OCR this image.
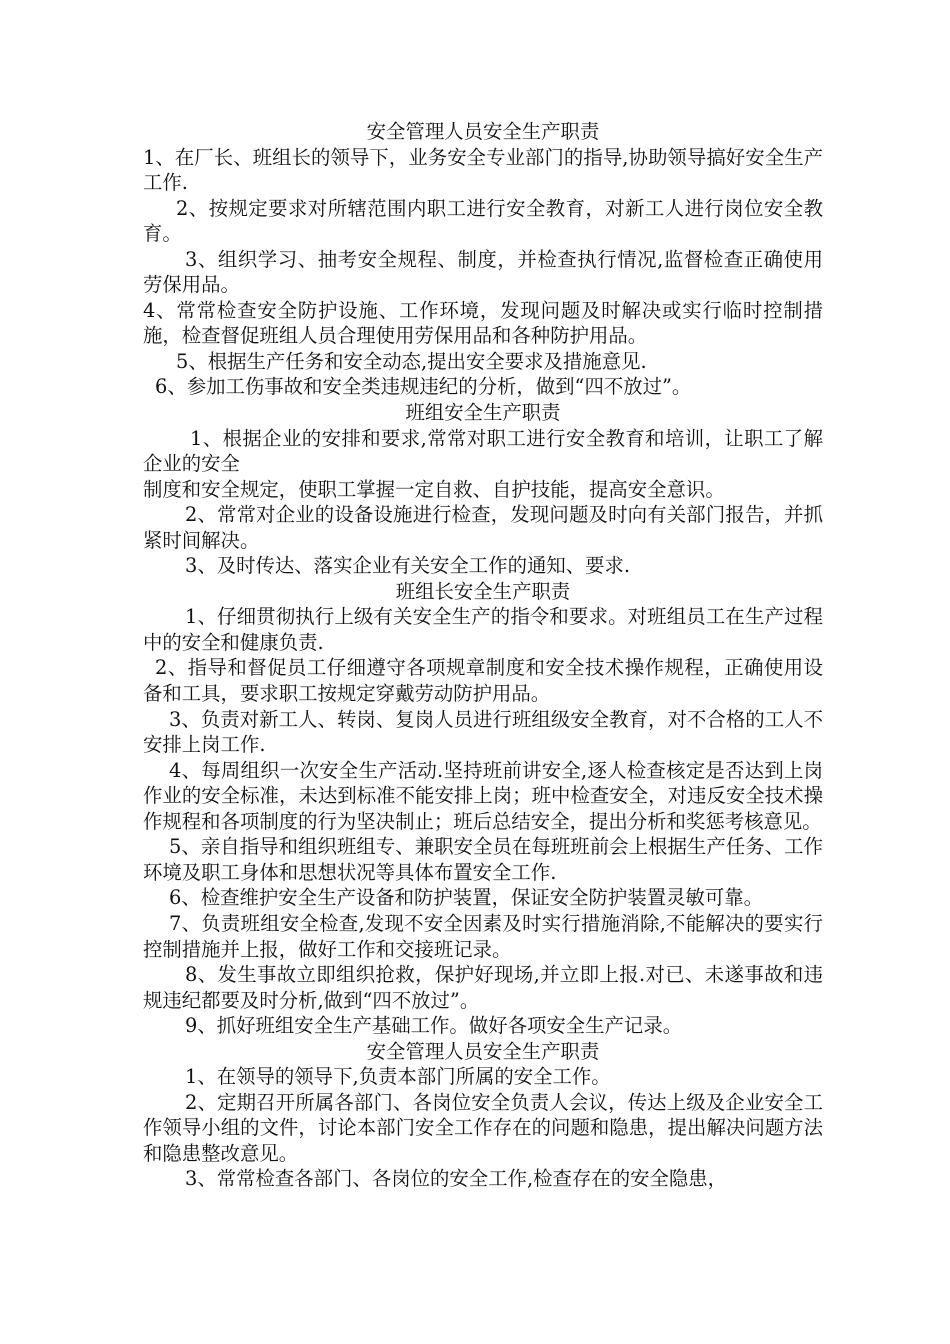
安全管理人员安全生产职责

1、在厂长、班组长的领导下，业务安全专业部门的指导,协助领导搞好安全生产工作.

2、按规定要求对所辖范围内职工进行安全教育，对新工人进行岗位安全教育。

3、组织学习、抽考安全规程、制度，并检查执行情况,监督检查正确使用劳保用品。

4、常常检查安全防护设施、工作环境，发现问题及时解决或实行临时控制措施，检查督促班组人员合理使用劳保用品和各种防护用品。

5、根据生产任务和安全动态,提出安全要求及措施意见.

6、参加工伤事故和安全类违规违纪的分析，做到“四不放过”。

班组安全生产职责

1、根据企业的安排和要求,常常对职工进行安全教育和培训，让职工了解企业的安全

制度和安全规定，使职工掌握一定自救、自护技能，提高安全意识。

2、常常对企业的设备设施进行检查，发现问题及时向有关部门报告，并抓紧时间解决。

3、及时传达、落实企业有关安全工作的通知、要求.

班组长安全生产职责

1、仔细贯彻执行上级有关安全生产的指令和要求。对班组员工在生产过程中的安全和健康负责.

2、指导和督促员工仔细遵守各项规章制度和安全技术操作规程，正确使用设备和工具，要求职工按规定穿戴劳动防护用品。

3、负责对新工人、转岗、复岗人员进行班组级安全教育，对不合格的工人不安排上岗工作.

4、每周组织一次安全生产活动.坚持班前讲安全,逐人检查核定是否达到上岗作业的安全标准，未达到标准不能安排上岗；班中检查安全，对违反安全技术操作规程和各项制度的行为坚决制止；班后总结安全，提出分析和奖惩考核意见。

5、亲自指导和组织班组专、兼职安全员在每班班前会上根据生产任务、工作环境及职工身体和思想状况等具体布置安全工作.

6、检查维护安全生产设备和防护装置，保证安全防护装置灵敏可靠。

7、负责班组安全检查,发现不安全因素及时实行措施消除,不能解决的要实行控制措施并上报，做好工作和交接班记录。

8、发生事故立即组织抢救，保护好现场,并立即上报.对已、未遂事故和违规违纪都要及时分析,做到“四不放过”。

9、抓好班组安全生产基础工作。做好各项安全生产记录。

安全管理人员安全生产职责

1、在领导的领导下,负责本部门所属的安全工作。

2、定期召开所属各部门、各岗位安全负责人会议，传达上级及企业安全工作领导小组的文件，讨论本部门安全工作存在的问题和隐患，提出解决问题方法和隐患整改意见。

3、常常检查各部门、各岗位的安全工作,检查存在的安全隐患，
